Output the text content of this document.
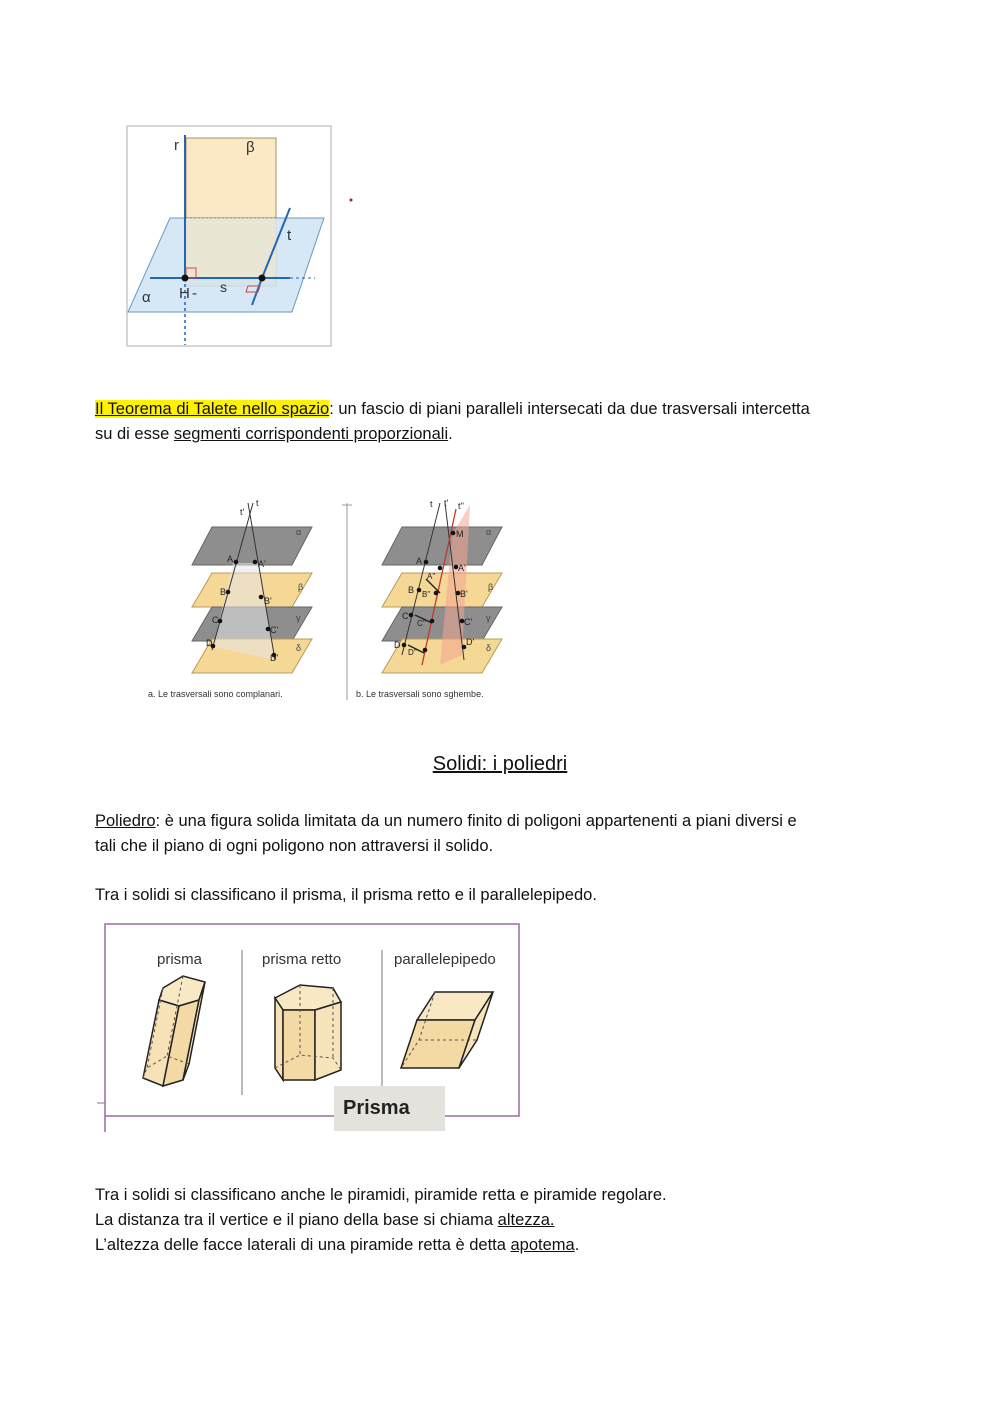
r	β
t
α H - s
Il Teorema di Talete nello spazio: un fascio di piani paralleli intersecati da due trasversali intercetta
su di esse segmenti corrispondenti proporzionali.
t'
t
A	A'
B
B'
C
C'
D
D'
α
β
γ
δ
a. Le trasversali sono complanari.
t t' t''
M
A
A''
A'
B B''	B'
C
C''	C'
D
D''
D'
α
β
γ
δ
b. Le trasversali sono sghembe.
Solidi: i poliedri
Poliedro: è una figura solida limitata da un numero finito di poligoni appartenenti a piani diversi e
tali che il piano di ogni poligono non attraversi il solido.
Tra i solidi si classificano il prisma, il prisma retto e il parallelepipedo.
prisma	prisma retto	parallelepipedo
Prisma
Tra i solidi si classificano anche le piramidi, piramide retta e piramide regolare.
La distanza tra il vertice e il piano della base si chiama altezza.
L’altezza delle facce laterali di una piramide retta è detta apotema.
